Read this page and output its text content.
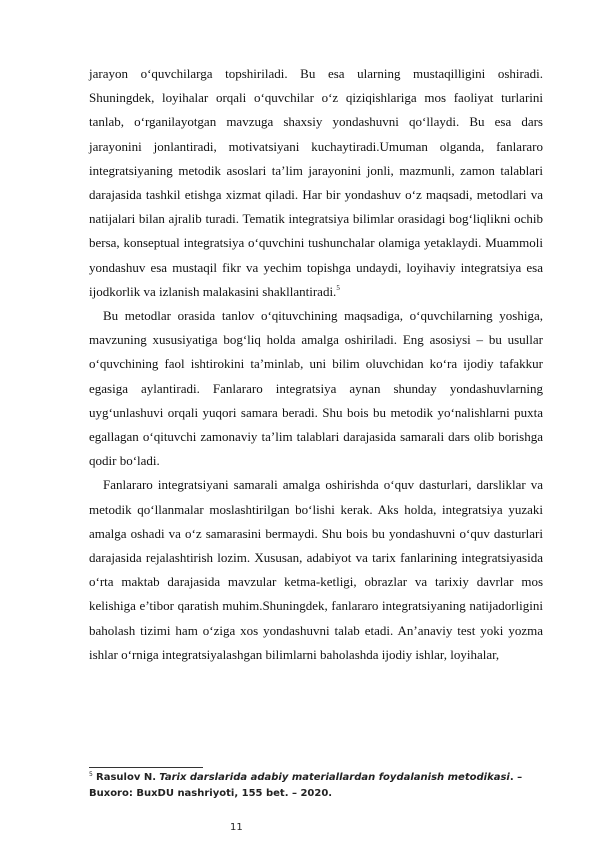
jarayon o‘quvchilarga topshiriladi. Bu esa ularning mustaqilligini oshiradi. Shuningdek, loyihalar orqali o‘quvchilar o‘z qiziqishlariga mos faoliyat turlarini tanlab, o‘rganilayotgan mavzuga shaxsiy yondashuvni qo‘llaydi. Bu esa dars jarayonini jonlantiradi, motivatsiyani kuchaytiradi.Umuman olganda, fanlararo integratsiyaning metodik asoslari ta’lim jarayonini jonli, mazmunli, zamon talablari darajasida tashkil etishga xizmat qiladi. Har bir yondashuv o‘z maqsadi, metodlari va natijalari bilan ajralib turadi. Tematik integratsiya bilimlar orasidagi bog‘liqlikni ochib bersa, konseptual integratsiya o‘quvchini tushunchalar olamiga yetaklaydi. Muammoli yondashuv esa mustaqil fikr va yechim topishga undaydi, loyihaviy integratsiya esa ijodkorlik va izlanish malakasini shakllantiradi.$^5$

Bu metodlar orasida tanlov o‘qituvchining maqsadiga, o‘quvchilarning yoshiga, mavzuning xususiyatiga bog‘liq holda amalga oshiriladi. Eng asosiysi – bu usullar o‘quvchining faol ishtirokini ta’minlab, uni bilim oluvchidan ko‘ra ijodiy tafakkur egasiga aylantiradi. Fanlararo integratsiya aynan shunday yondashuvlarning uyg‘unlashuvi orqali yuqori samara beradi. Shu bois bu metodik yo‘nalishlarni puxta egallagan o‘qituvchi zamonaviy ta’lim talablari darajasida samarali dars olib borishga qodir bo‘ladi.

Fanlararo integratsiyani samarali amalga oshirishda o‘quv dasturlari, darsliklar va metodik qo‘llanmalar moslashtirilgan bo‘lishi kerak. Aks holda, integratsiya yuzaki amalga oshadi va o‘z samarasini bermaydi. Shu bois bu yondashuvni o‘quv dasturlari darajasida rejalashtirish lozim. Xususan, adabiyot va tarix fanlarining integratsiyasida o‘rta maktab darajasida mavzular ketma-ketligi, obrazlar va tarixiy davrlar mos kelishiga e’tibor qaratish muhim.Shuningdek, fanlararo integratsiyaning natijadorligini baholash tizimi ham o‘ziga xos yondashuvni talab etadi. An’anaviy test yoki yozma ishlar o‘rniga integratsiyalashgan bilimlarni baholashda ijodiy ishlar, loyihalar,

$^5$ Rasulov N. Tarix darslarida adabiy materiallardan foydalanish metodikasi. – Buxoro: BuxDU nashriyoti, 155 bet. – 2020.
11
